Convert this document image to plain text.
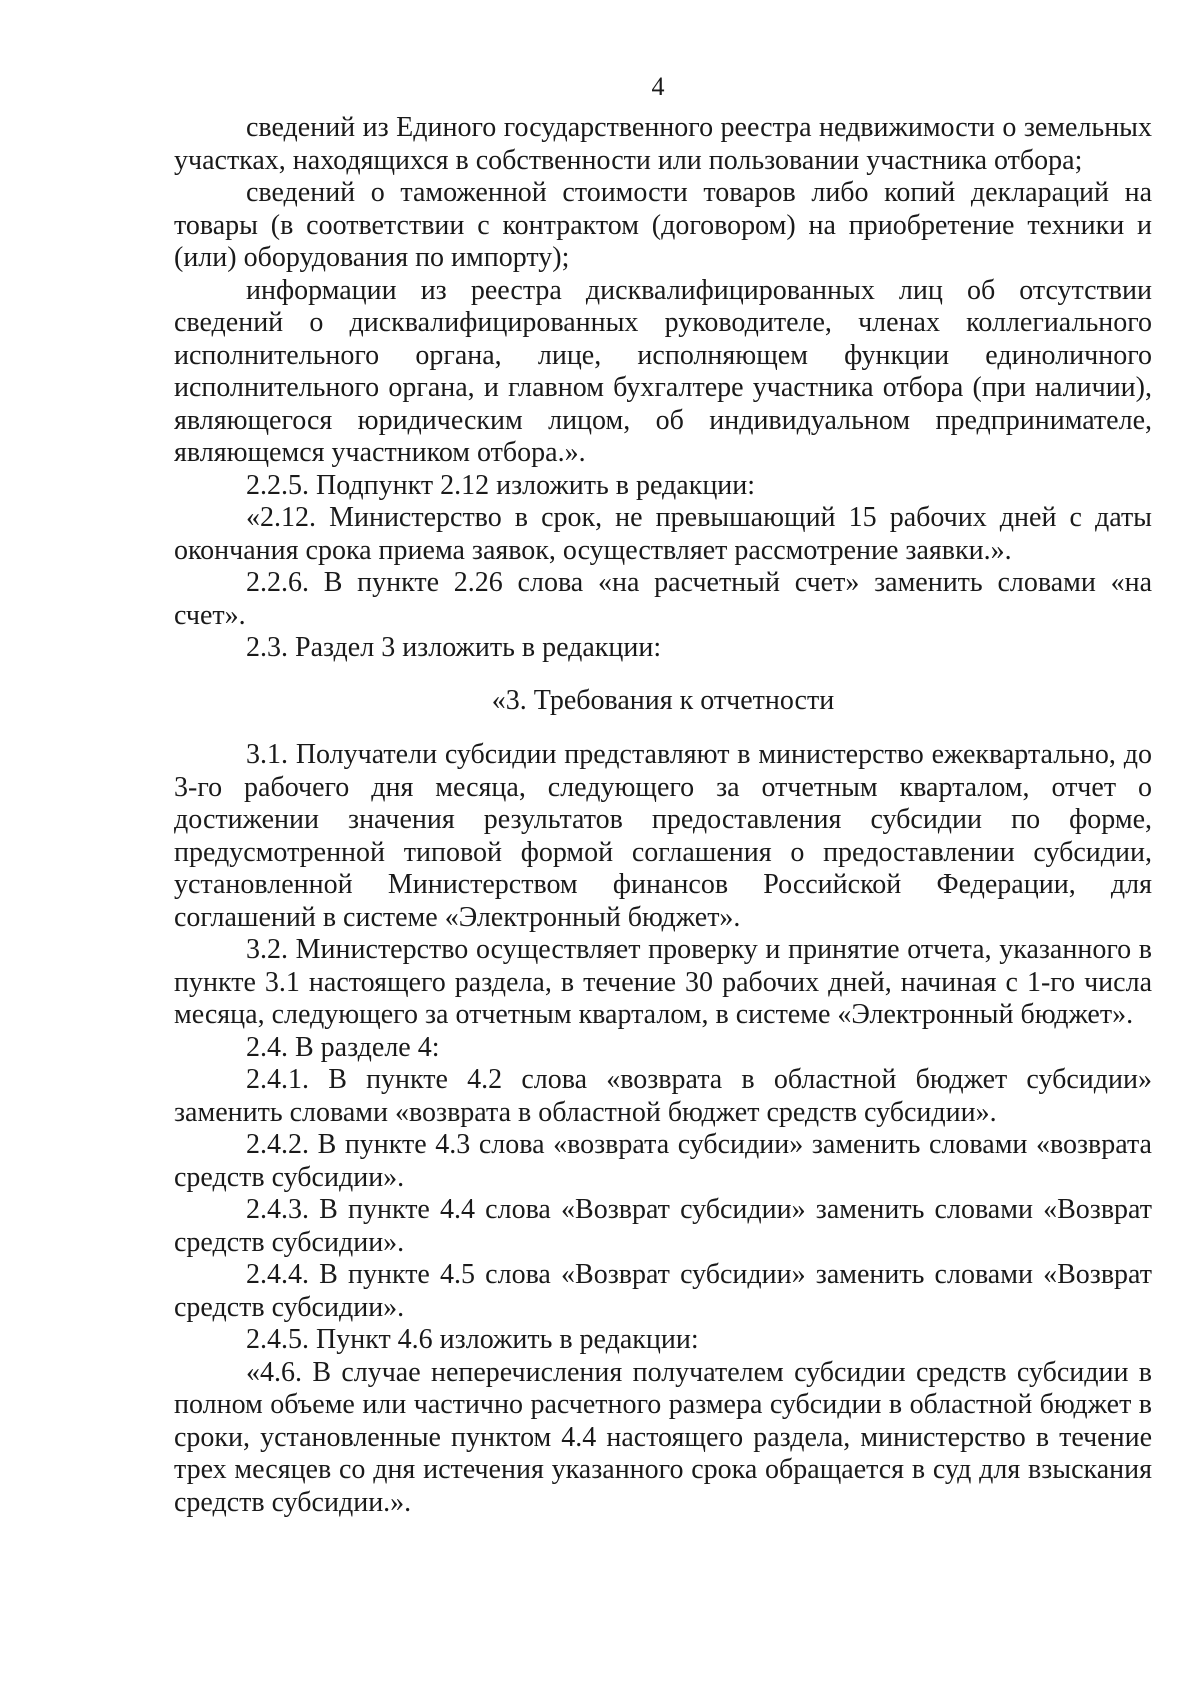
4

сведений из Единого государственного реестра недвижимости о земельных участках, находящихся в собственности или пользовании участника отбора;

сведений о таможенной стоимости товаров либо копий деклараций на товары (в соответствии с контрактом (договором) на приобретение техники и (или) оборудования по импорту);

информации из реестра дисквалифицированных лиц об отсутствии сведений о дисквалифицированных руководителе, членах коллегиального исполнительного органа, лице, исполняющем функции единоличного исполнительного органа, и главном бухгалтере участника отбора (при наличии), являющегося юридическим лицом, об индивидуальном предпринимателе, являющемся участником отбора.».

2.2.5. Подпункт 2.12 изложить в редакции:

«2.12. Министерство в срок, не превышающий 15 рабочих дней с даты окончания срока приема заявок, осуществляет рассмотрение заявки.».

2.2.6. В пункте 2.26 слова «на расчетный счет» заменить словами «на счет».

2.3. Раздел 3 изложить в редакции:

«3. Требования к отчетности

3.1. Получатели субсидии представляют в министерство ежеквартально, до 3-го рабочего дня месяца, следующего за отчетным кварталом, отчет о достижении значения результатов предоставления субсидии по форме, предусмотренной типовой формой соглашения о предоставлении субсидии, установленной Министерством финансов Российской Федерации, для соглашений в системе «Электронный бюджет».

3.2. Министерство осуществляет проверку и принятие отчета, указанного в пункте 3.1 настоящего раздела, в течение 30 рабочих дней, начиная с 1-го числа месяца, следующего за отчетным кварталом, в системе «Электронный бюджет».

2.4. В разделе 4:

2.4.1. В пункте 4.2 слова «возврата в областной бюджет субсидии» заменить словами «возврата в областной бюджет средств субсидии».

2.4.2. В пункте 4.3 слова «возврата субсидии» заменить словами «возврата средств субсидии».

2.4.3. В пункте 4.4 слова «Возврат субсидии» заменить словами «Возврат средств субсидии».

2.4.4. В пункте 4.5 слова «Возврат субсидии» заменить словами «Возврат средств субсидии».

2.4.5. Пункт 4.6 изложить в редакции:

«4.6. В случае неперечисления получателем субсидии средств субсидии в полном объеме или частично расчетного размера субсидии в областной бюджет в сроки, установленные пунктом 4.4 настоящего раздела, министерство в течение трех месяцев со дня истечения указанного срока обращается в суд для взыскания средств субсидии.».
